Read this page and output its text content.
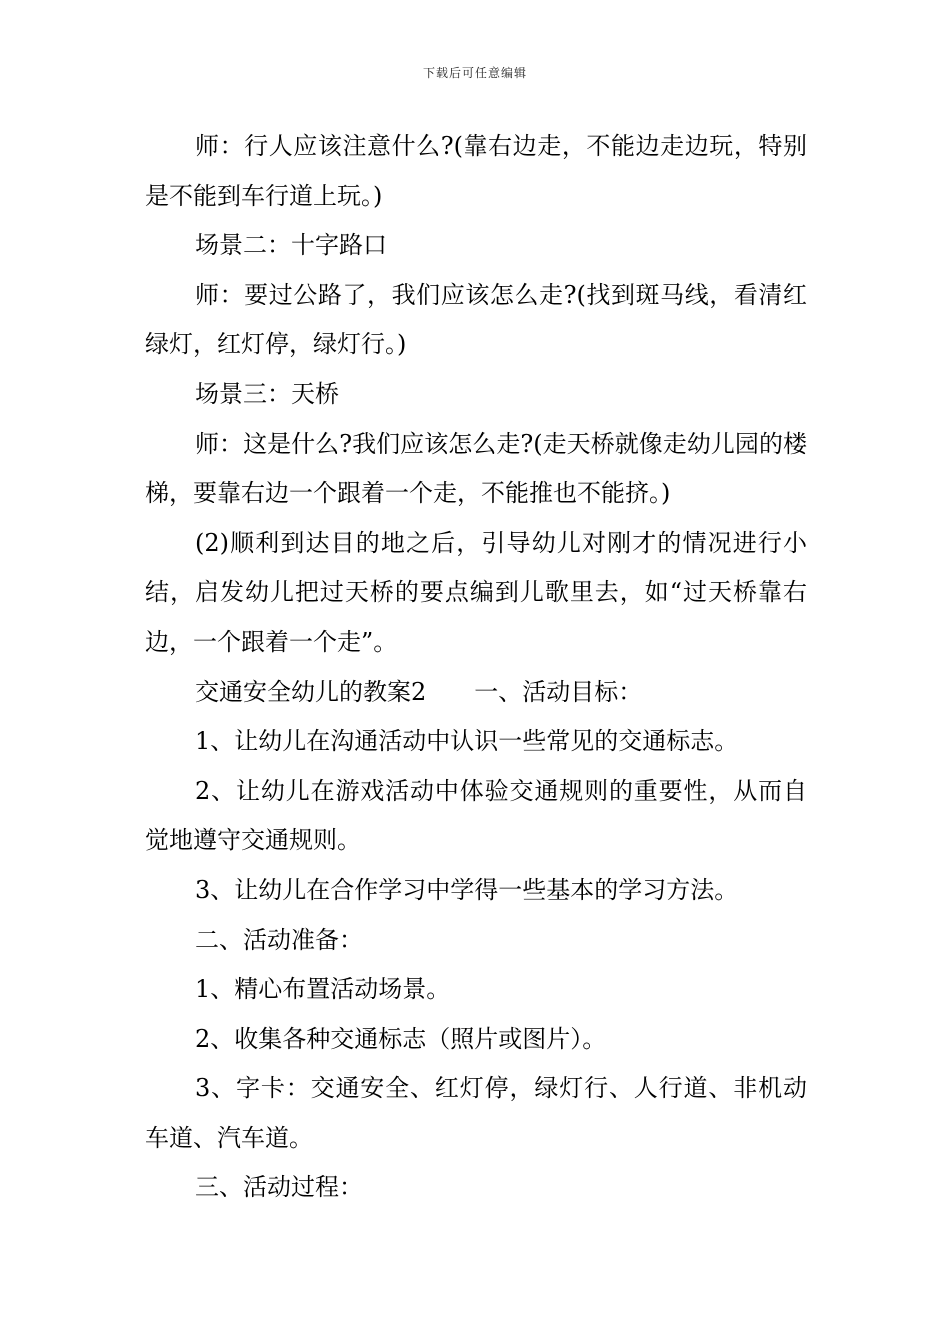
下载后可任意编辑

师：行人应该注意什么?(靠右边走，不能边走边玩，特别是不能到车行道上玩。)

场景二：十字路口

师：要过公路了，我们应该怎么走?(找到斑马线，看清红绿灯，红灯停，绿灯行。)

场景三：天桥

师：这是什么?我们应该怎么走?(走天桥就像走幼儿园的楼梯，要靠右边一个跟着一个走，不能推也不能挤。)

(2)顺利到达目的地之后，引导幼儿对刚才的情况进行小结，启发幼儿把过天桥的要点编到儿歌里去，如“过天桥靠右边，一个跟着一个走”。

交通安全幼儿的教案2　　一、活动目标：

1、让幼儿在沟通活动中认识一些常见的交通标志。

2、让幼儿在游戏活动中体验交通规则的重要性，从而自觉地遵守交通规则。

3、让幼儿在合作学习中学得一些基本的学习方法。

二、活动准备：

1、精心布置活动场景。

2、收集各种交通标志（照片或图片）。

3、字卡：交通安全、红灯停，绿灯行、人行道、非机动车道、汽车道。

三、活动过程：
